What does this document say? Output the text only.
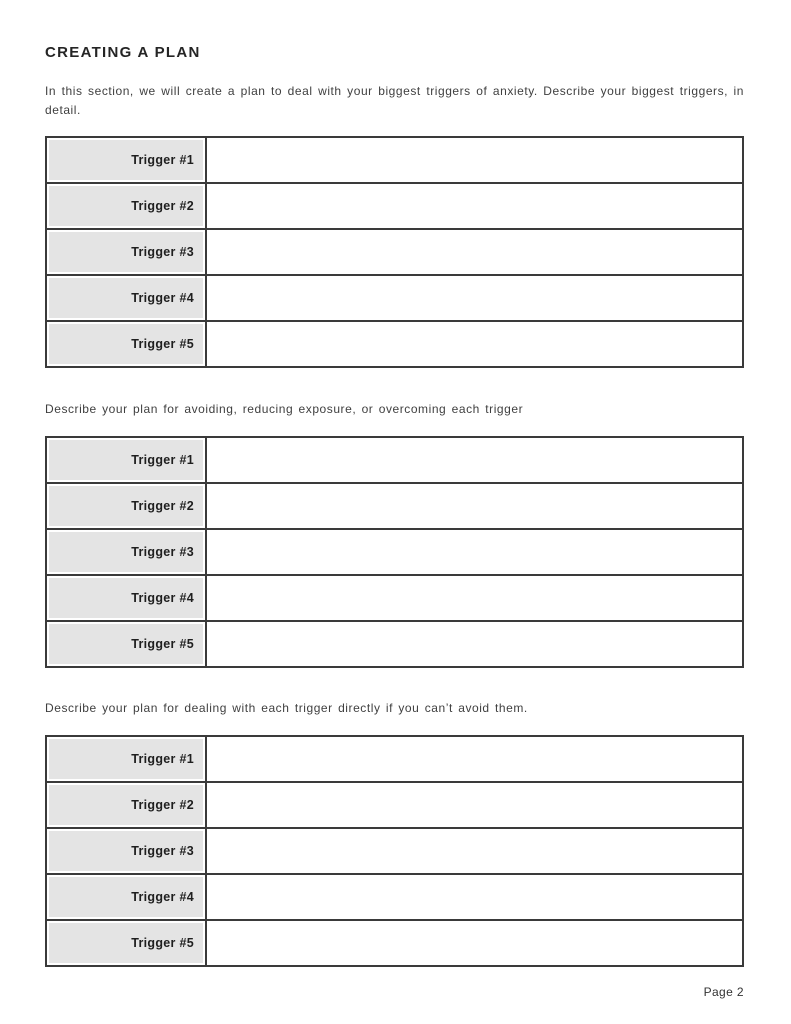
CREATING A PLAN

In this section, we will create a plan to deal with your biggest triggers of anxiety. Describe your biggest triggers, in detail.

Trigger #1	

Trigger #2	

Trigger #3	

Trigger #4	

Trigger #5	

Describe your plan for avoiding, reducing exposure, or overcoming each trigger

Trigger #1	

Trigger #2	

Trigger #3	

Trigger #4	

Trigger #5	

Describe your plan for dealing with each trigger directly if you can’t avoid them.

Trigger #1	

Trigger #2	

Trigger #3	

Trigger #4	

Trigger #5	

Page 2
